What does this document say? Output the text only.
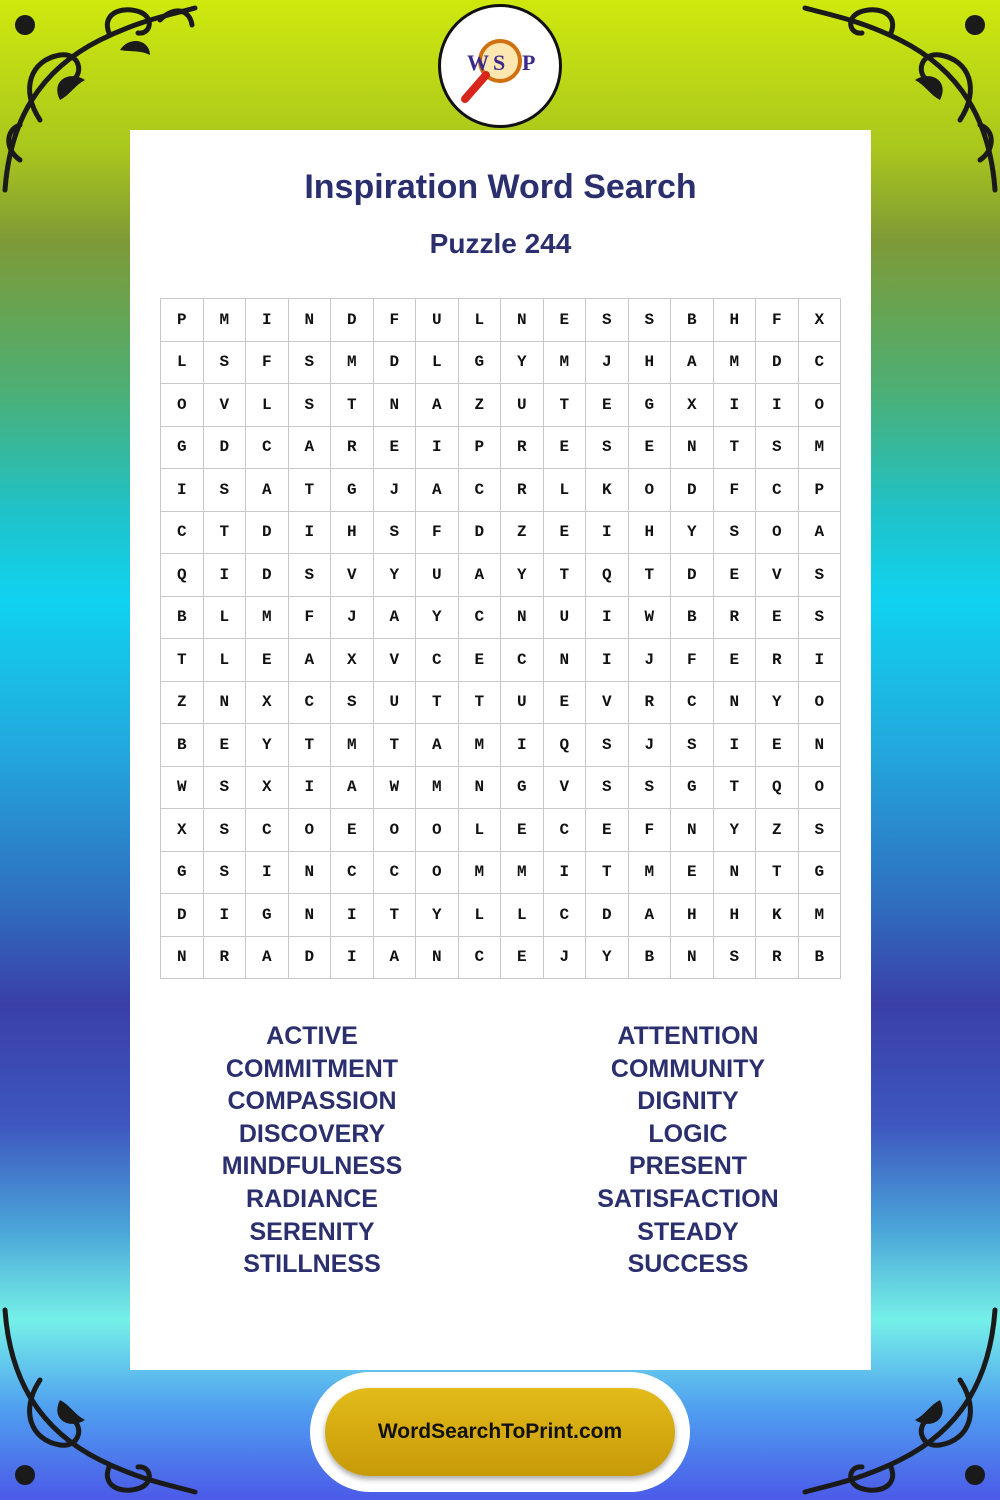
Inspiration Word Search
Puzzle 244
P	M	I	N	D	F	U	L	N	E	S	S	B	H	F	X
L	S	F	S	M	D	L	G	Y	M	J	H	A	M	D	C
O	V	L	S	T	N	A	Z	U	T	E	G	X	I	I	O
G	D	C	A	R	E	I	P	R	E	S	E	N	T	S	M
I	S	A	T	G	J	A	C	R	L	K	O	D	F	C	P
C	T	D	I	H	S	F	D	Z	E	I	H	Y	S	O	A
Q	I	D	S	V	Y	U	A	Y	T	Q	T	D	E	V	S
B	L	M	F	J	A	Y	C	N	U	I	W	B	R	E	S
T	L	E	A	X	V	C	E	C	N	I	J	F	E	R	I
Z	N	X	C	S	U	T	T	U	E	V	R	C	N	Y	O
B	E	Y	T	M	T	A	M	I	Q	S	J	S	I	E	N
W	S	X	I	A	W	M	N	G	V	S	S	G	T	Q	O
X	S	C	O	E	O	O	L	E	C	E	F	N	Y	Z	S
G	S	I	N	C	C	O	M	M	I	T	M	E	N	T	G
D	I	G	N	I	T	Y	L	L	C	D	A	H	H	K	M
N	R	A	D	I	A	N	C	E	J	Y	B	N	S	R	B
ACTIVE
COMMITMENT
COMPASSION
DISCOVERY
MINDFULNESS
RADIANCE
SERENITY
STILLNESS
ATTENTION
COMMUNITY
DIGNITY
LOGIC
PRESENT
SATISFACTION
STEADY
SUCCESS
W S P
WordSearchToPrint.com
